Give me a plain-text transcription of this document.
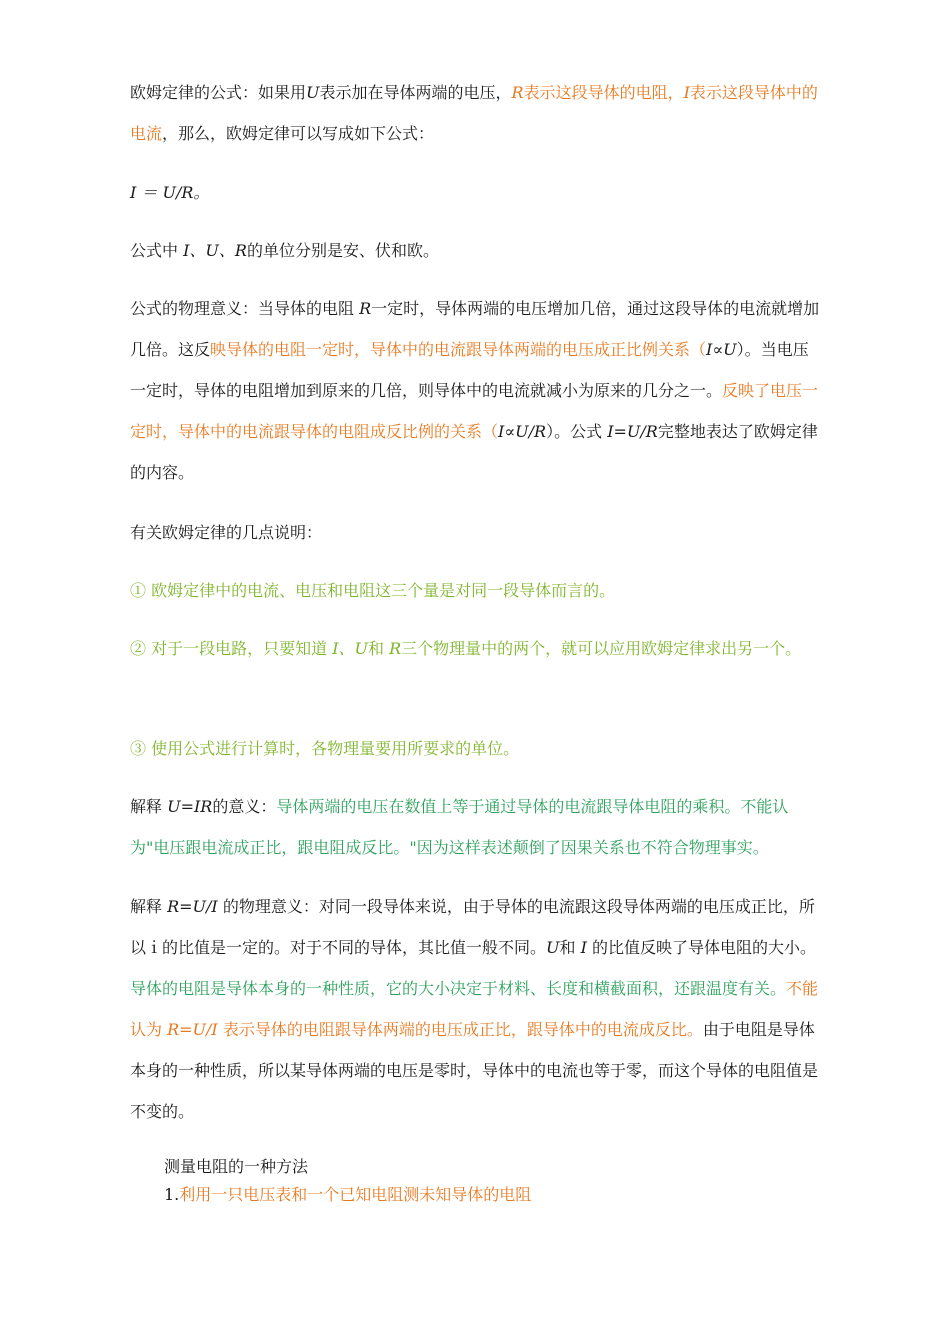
欧姆定律的公式：如果用U表示加在导体两端的电压，R表示这段导体的电阻，I表示这段导体中的电流，那么，欧姆定律可以写成如下公式：

I ＝ U/R。

公式中 I、U、R的单位分别是安、伏和欧。

公式的物理意义：当导体的电阻 R一定时，导体两端的电压增加几倍，通过这段导体的电流就增加几倍。这反映导体的电阻一定时，导体中的电流跟导体两端的电压成正比例关系（I∝U）。当电压一定时，导体的电阻增加到原来的几倍，则导体中的电流就减小为原来的几分之一。反映了电压一定时，导体中的电流跟导体的电阻成反比例的关系（I∝U/R）。公式 I=U/R完整地表达了欧姆定律的内容。

有关欧姆定律的几点说明：

① 欧姆定律中的电流、电压和电阻这三个量是对同一段导体而言的。

② 对于一段电路，只要知道 I、U和 R三个物理量中的两个，就可以应用欧姆定律求出另一个。

③ 使用公式进行计算时，各物理量要用所要求的单位。

解释 U=IR的意义：导体两端的电压在数值上等于通过导体的电流跟导体电阻的乘积。不能认为"电压跟电流成正比，跟电阻成反比。"因为这样表述颠倒了因果关系也不符合物理事实。

解释 R=U/I 的物理意义：对同一段导体来说，由于导体的电流跟这段导体两端的电压成正比，所以ｉ的比值是一定的。对于不同的导体，其比值一般不同。U和 I 的比值反映了导体电阻的大小。导体的电阻是导体本身的一种性质，它的大小决定于材料、长度和横截面积，还跟温度有关。不能认为 R=U/I 表示导体的电阻跟导体两端的电压成正比，跟导体中的电流成反比。由于电阻是导体本身的一种性质，所以某导体两端的电压是零时，导体中的电流也等于零，而这个导体的电阻值是不变的。

测量电阻的一种方法

1.利用一只电压表和一个已知电阻测未知导体的电阻
